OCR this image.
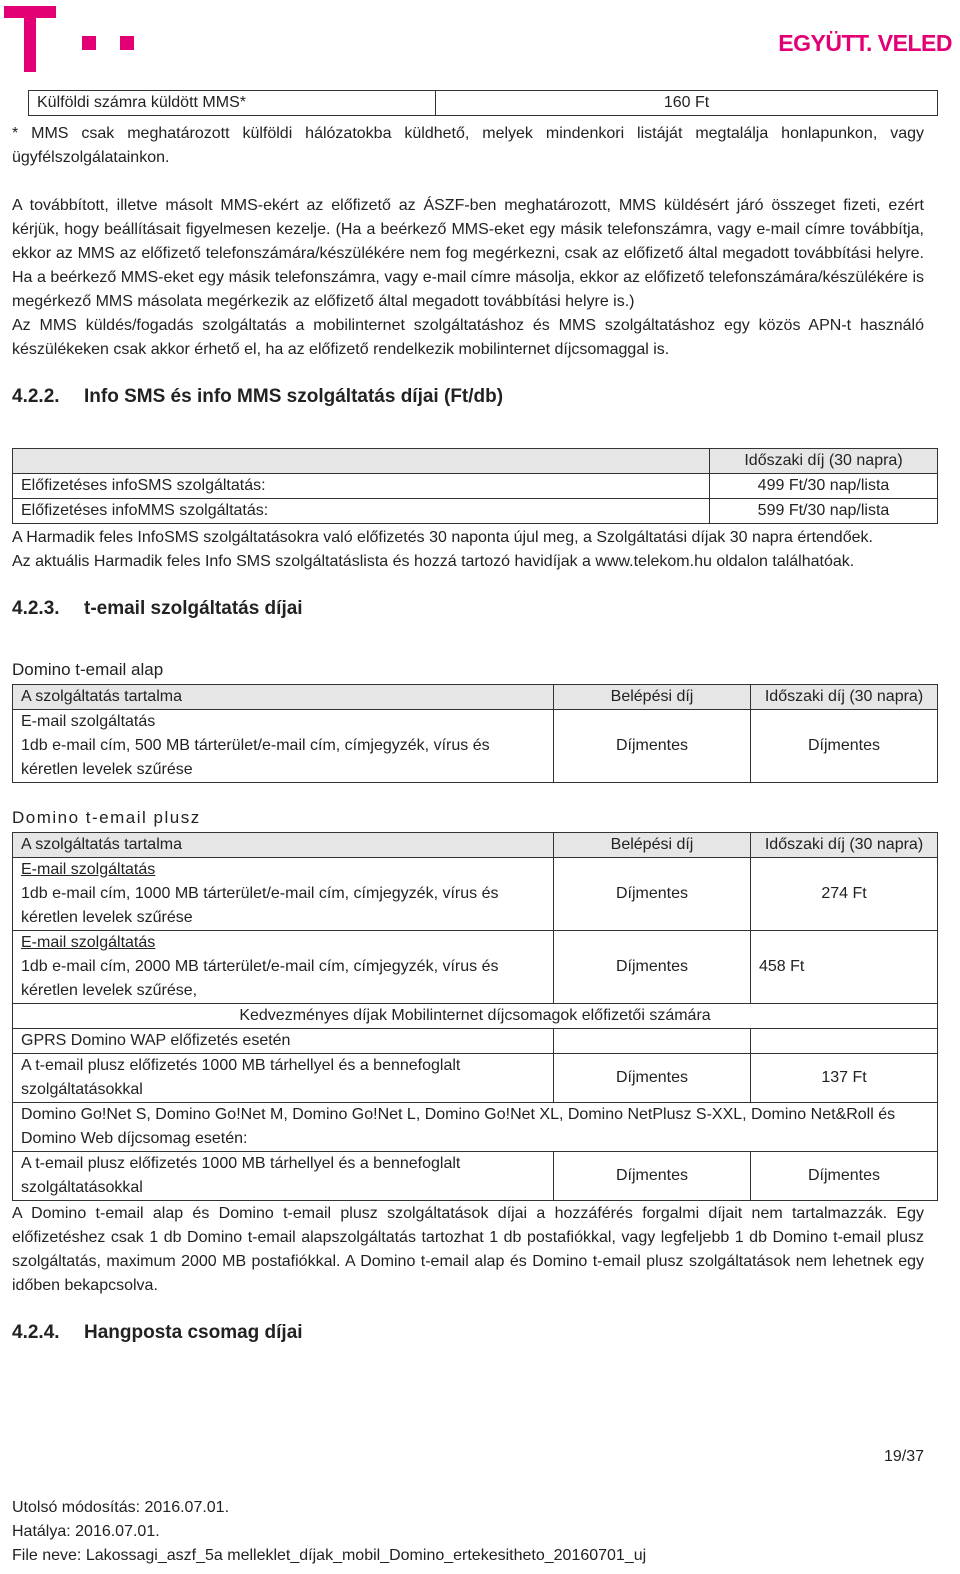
EGYÜTT. VELED
Külföldi számra küldött MMS*	160 Ft
* MMS csak meghatározott külföldi hálózatokba küldhető, melyek mindenkori listáját megtalálja honlapunkon, vagy ügyfélszolgálatainkon.
A továbbított, illetve másolt MMS-ekért az előfizető az ÁSZF-ben meghatározott, MMS küldésért járó összeget fizeti, ezért kérjük, hogy beállításait figyelmesen kezelje. (Ha a beérkező MMS-eket egy másik telefonszámra, vagy e-mail címre továbbítja, ekkor az MMS az előfizető telefonszámára/készülékére nem fog megérkezni, csak az előfizető által megadott továbbítási helyre. Ha a beérkező MMS-eket egy másik telefonszámra, vagy e-mail címre másolja, ekkor az előfizető telefonszámára/készülékére is megérkező MMS másolata megérkezik az előfizető által megadott továbbítási helyre is.)
Az MMS küldés/fogadás szolgáltatás a mobilinternet szolgáltatáshoz és MMS szolgáltatáshoz egy közös APN-t használó készülékeken csak akkor érhető el, ha az előfizető rendelkezik mobilinternet díjcsomaggal is.
4.2.2. Info SMS és info MMS szolgáltatás díjai (Ft/db)
	Időszaki díj (30 napra)
Előfizetéses infoSMS szolgáltatás:	499 Ft/30 nap/lista
Előfizetéses infoMMS szolgáltatás:	599 Ft/30 nap/lista
A Harmadik feles InfoSMS szolgáltatásokra való előfizetés 30 naponta újul meg, a Szolgáltatási díjak 30 napra értendőek.
Az aktuális Harmadik feles Info SMS szolgáltatáslista és hozzá tartozó havidíjak a www.telekom.hu oldalon találhatóak.
4.2.3. t-email szolgáltatás díjai
Domino t-email alap
A szolgáltatás tartalma	Belépési díj	Időszaki díj (30 napra)

E-mail szolgáltatás
1db e-mail cím, 500 MB tárterület/e-mail cím, címjegyzék, vírus és
kéretlen levelek szűrése	Díjmentes	Díjmentes
Domino t-email plusz
A szolgáltatás tartalma	Belépési díj	Időszaki díj (30 napra)

E-mail szolgáltatás
1db e-mail cím, 1000 MB tárterület/e-mail cím, címjegyzék, vírus és
kéretlen levelek szűrése	Díjmentes	274 Ft

E-mail szolgáltatás
1db e-mail cím, 2000 MB tárterület/e-mail cím, címjegyzék, vírus és
kéretlen levelek szűrése,	Díjmentes	458 Ft
Kedvezményes díjak Mobilinternet díjcsomagok előfizetői számára		
GPRS Domino WAP előfizetés esetén		

A t-email plusz előfizetés 1000 MB tárhellyel és a bennefoglalt
szolgáltatásokkal	Díjmentes	137 Ft
Domino Go!Net S, Domino Go!Net M, Domino Go!Net L, Domino Go!Net XL, Domino NetPlusz S-XXL, Domino Net&Roll és Domino Web díjcsomag esetén:		

A t-email plusz előfizetés 1000 MB tárhellyel és a bennefoglalt
szolgáltatásokkal	Díjmentes	Díjmentes
A Domino t-email alap és Domino t-email plusz szolgáltatások díjai a hozzáférés forgalmi díjait nem tartalmazzák. Egy előfizetéshez csak 1 db Domino t-email alapszolgáltatás tartozhat 1 db postafiókkal, vagy legfeljebb 1 db Domino t-email plusz szolgáltatás, maximum 2000 MB postafiókkal. A Domino t-email alap és Domino t-email plusz szolgáltatások nem lehetnek egy időben bekapcsolva.
4.2.4. Hangposta csomag díjai
19/37
Utolsó módosítás: 2016.07.01.
Hatálya: 2016.07.01.
File neve: Lakossagi_aszf_5a melleklet_díjak_mobil_Domino_ertekesitheto_20160701_uj
